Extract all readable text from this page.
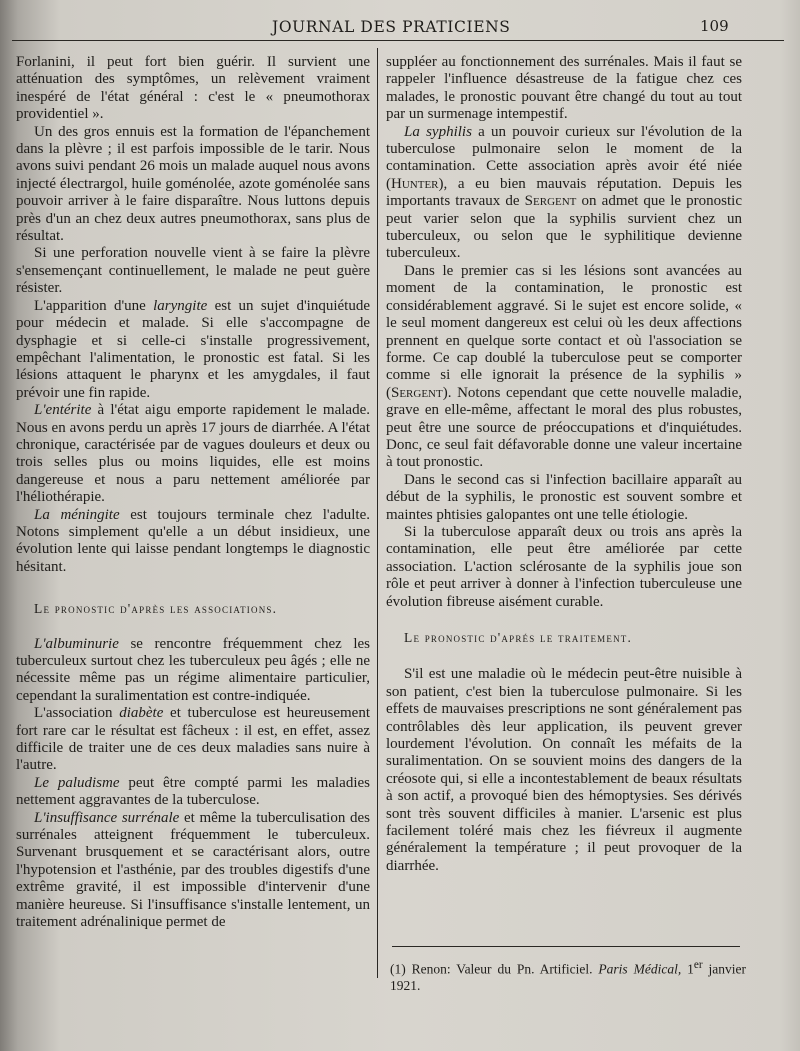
JOURNAL DES PRATICIENS	109

Forlanini, il peut fort bien guérir. Il survient une atténuation des symptômes, un relèvement vraiment inespéré de l'état général : c'est le « pneumothorax providentiel ».

Un des gros ennuis est la formation de l'épanchement dans la plèvre ; il est parfois impossible de le tarir. Nous avons suivi pendant 26 mois un malade auquel nous avons injecté électrargol, huile goménolée, azote goménolée sans pouvoir arriver à le faire disparaître. Nous luttons depuis près d'un an chez deux autres pneumothorax, sans plus de résultat.

Si une perforation nouvelle vient à se faire la plèvre s'ensemençant continuellement, le malade ne peut guère résister.

L'apparition d'une laryngite est un sujet d'inquiétude pour médecin et malade. Si elle s'accompagne de dysphagie et si celle-ci s'installe progressivement, empêchant l'alimentation, le pronostic est fatal. Si les lésions attaquent le pharynx et les amygdales, il faut prévoir une fin rapide.

L'entérite à l'état aigu emporte rapidement le malade. Nous en avons perdu un après 17 jours de diarrhée. A l'état chronique, caractérisée par de vagues douleurs et deux ou trois selles plus ou moins liquides, elle est moins dangereuse et nous a paru nettement améliorée par l'héliothérapie.

La méningite est toujours terminale chez l'adulte. Notons simplement qu'elle a un début insidieux, une évolution lente qui laisse pendant longtemps le diagnostic hésitant.

Le pronostic d'après les associations.

L'albuminurie se rencontre fréquemment chez les tuberculeux surtout chez les tuberculeux peu âgés ; elle ne nécessite même pas un régime alimentaire particulier, cependant la suralimentation est contre-indiquée.

L'association diabète et tuberculose est heureusement fort rare car le résultat est fâcheux : il est, en effet, assez difficile de traiter une de ces deux maladies sans nuire à l'autre.

Le paludisme peut être compté parmi les maladies nettement aggravantes de la tuberculose.

L'insuffisance surrénale et même la tuberculisation des surrénales atteignent fréquemment le tuberculeux. Survenant brusquement et se caractérisant alors, outre l'hypotension et l'asthénie, par des troubles digestifs d'une extrême gravité, il est impossible d'intervenir d'une manière heureuse. Si l'insuffisance s'installe lentement, un traitement adrénalinique permet de

suppléer au fonctionnement des surrénales. Mais il faut se rappeler l'influence désastreuse de la fatigue chez ces malades, le pronostic pouvant être changé du tout au tout par un surmenage intempestif.

La syphilis a un pouvoir curieux sur l'évolution de la tuberculose pulmonaire selon le moment de la contamination. Cette association après avoir été niée (Hunter), a eu bien mauvais réputation. Depuis les importants travaux de Sergent on admet que le pronostic peut varier selon que la syphilis survient chez un tuberculeux, ou selon que le syphilitique devienne tuberculeux.

Dans le premier cas si les lésions sont avancées au moment de la contamination, le pronostic est considérablement aggravé. Si le sujet est encore solide, « le seul moment dangereux est celui où les deux affections prennent en quelque sorte contact et où l'association se forme. Ce cap doublé la tuberculose peut se comporter comme si elle ignorait la présence de la syphilis » (Sergent). Notons cependant que cette nouvelle maladie, grave en elle-même, affectant le moral des plus robustes, peut être une source de préoccupations et d'inquiétudes. Donc, ce seul fait défavorable donne une valeur incertaine à tout pronostic.

Dans le second cas si l'infection bacillaire apparaît au début de la syphilis, le pronostic est souvent sombre et maintes phtisies galopantes ont une telle étiologie.

Si la tuberculose apparaît deux ou trois ans après la contamination, elle peut être améliorée par cette association. L'action sclérosante de la syphilis joue son rôle et peut arriver à donner à l'infection tuberculeuse une évolution fibreuse aisément curable.

Le pronostic d'aprés le traitement.

S'il est une maladie où le médecin peut-être nuisible à son patient, c'est bien la tuberculose pulmonaire. Si les effets de mauvaises prescriptions ne sont généralement pas contrôlables dès leur application, ils peuvent grever lourdement l'évolution. On connaît les méfaits de la suralimentation. On se souvient moins des dangers de la créosote qui, si elle a incontestablement de beaux résultats à son actif, a provoqué bien des hémoptysies. Ses dérivés sont très souvent difficiles à manier. L'arsenic est plus facilement toléré mais chez les fiévreux il augmente généralement la température ; il peut provoquer de la diarrhée.

(1) Renon: Valeur du Pn. Artificiel. Paris Médical, 1er janvier 1921.
